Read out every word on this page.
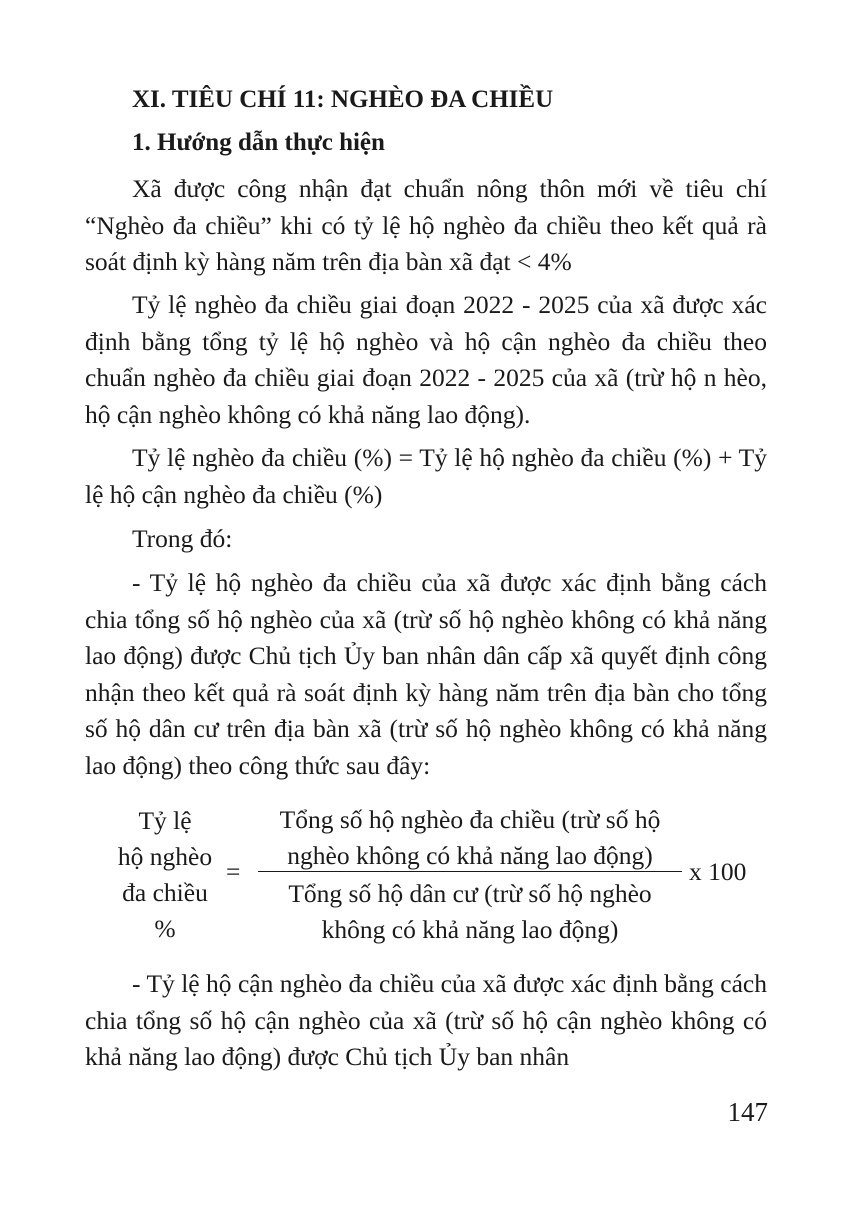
XI. TIÊU CHÍ 11: NGHÈO ĐA CHIỀU
1. Hướng dẫn thực hiện

Xã được công nhận đạt chuẩn nông thôn mới về tiêu chí “Nghèo đa chiều” khi có tỷ lệ hộ nghèo đa chiều theo kết quả rà soát định kỳ hàng năm trên địa bàn xã đạt < 4%

Tỷ lệ nghèo đa chiều giai đoạn 2022 - 2025 của xã được xác định bằng tổng tỷ lệ hộ nghèo và hộ cận nghèo đa chiều theo chuẩn nghèo đa chiều giai đoạn 2022 - 2025 của xã (trừ hộ n hèo, hộ cận nghèo không có khả năng lao động).

Tỷ lệ nghèo đa chiều (%) = Tỷ lệ hộ nghèo đa chiều (%) + Tỷ lệ hộ cận nghèo đa chiều (%)

Trong đó:

- Tỷ lệ hộ nghèo đa chiều của xã được xác định bằng cách chia tổng số hộ nghèo của xã (trừ số hộ nghèo không có khả năng lao động) được Chủ tịch Ủy ban nhân dân cấp xã quyết định công nhận theo kết quả rà soát định kỳ hàng năm trên địa bàn cho tổng số hộ dân cư trên địa bàn xã (trừ số hộ nghèo không có khả năng lao động) theo công thức sau đây:

Tỷ lệ
hộ nghèo
đa chiều
%
=
Tổng số hộ nghèo đa chiều (trừ số hộ
nghèo không có khả năng lao động)
Tổng số hộ dân cư (trừ số hộ nghèo
không có khả năng lao động)
x 100

- Tỷ lệ hộ cận nghèo đa chiều của xã được xác định bằng cách chia tổng số hộ cận nghèo của xã (trừ số hộ cận nghèo không có khả năng lao động) được Chủ tịch Ủy ban nhân

147
